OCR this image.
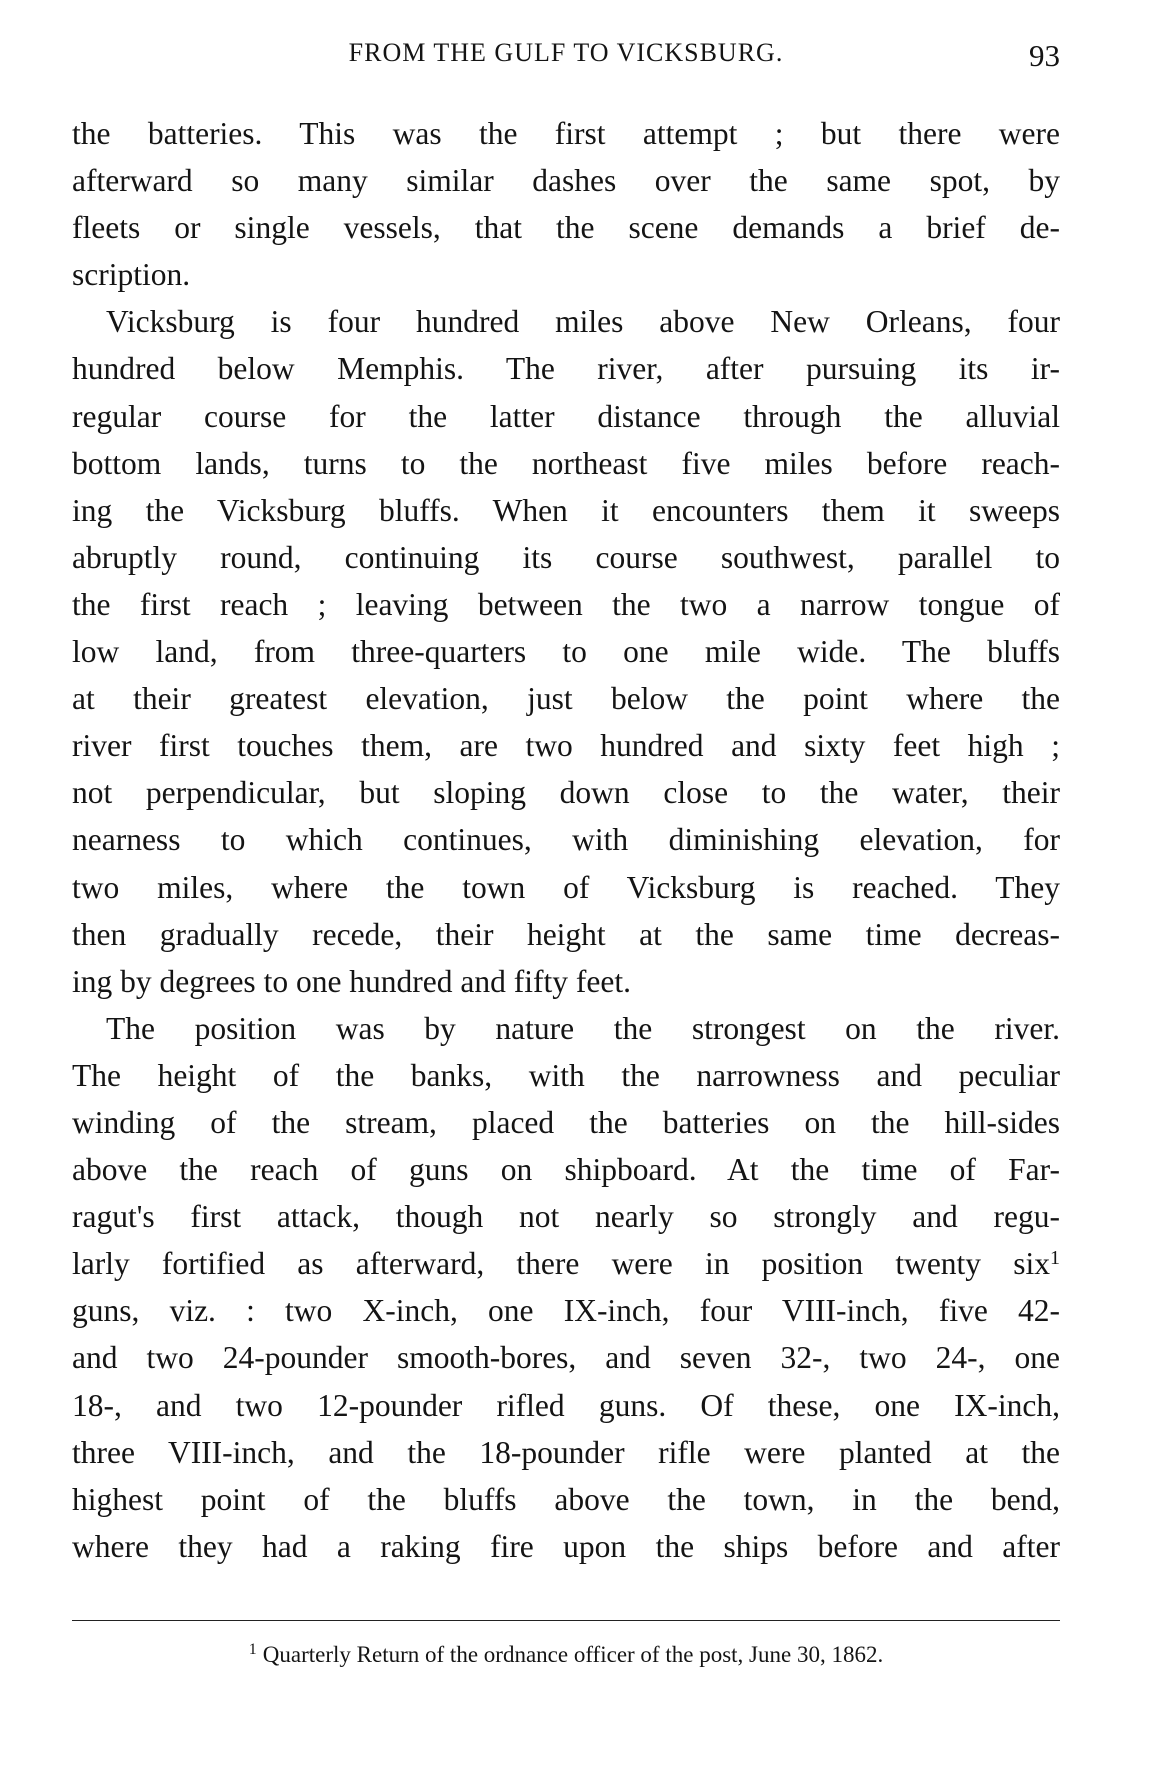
FROM THE GULF TO VICKSBURG.	93
the batteries. This was the first attempt ; but there were
afterward so many similar dashes over the same spot, by
fleets or single vessels, that the scene demands a brief de-
scription.
Vicksburg is four hundred miles above New Orleans, four
hundred below Memphis. The river, after pursuing its ir-
regular course for the latter distance through the alluvial
bottom lands, turns to the northeast five miles before reach-
ing the Vicksburg bluffs. When it encounters them it sweeps
abruptly round, continuing its course southwest, parallel to
the first reach ; leaving between the two a narrow tongue of
low land, from three-quarters to one mile wide. The bluffs
at their greatest elevation, just below the point where the
river first touches them, are two hundred and sixty feet high ;
not perpendicular, but sloping down close to the water, their
nearness to which continues, with diminishing elevation, for
two miles, where the town of Vicksburg is reached. They
then gradually recede, their height at the same time decreas-
ing by degrees to one hundred and fifty feet.
The position was by nature the strongest on the river.
The height of the banks, with the narrowness and peculiar
winding of the stream, placed the batteries on the hill-sides
above the reach of guns on shipboard. At the time of Far-
ragut's first attack, though not nearly so strongly and regu-
larly fortified as afterward, there were in position twenty six$^1$
guns, viz. : two X-inch, one IX-inch, four VIII-inch, five 42-
and two 24-pounder smooth-bores, and seven 32-, two 24-, one
18-, and two 12-pounder rifled guns. Of these, one IX-inch,
three VIII-inch, and the 18-pounder rifle were planted at the
highest point of the bluffs above the town, in the bend,
where they had a raking fire upon the ships before and after
$^1$ Quarterly Return of the ordnance officer of the post, June 30, 1862.
